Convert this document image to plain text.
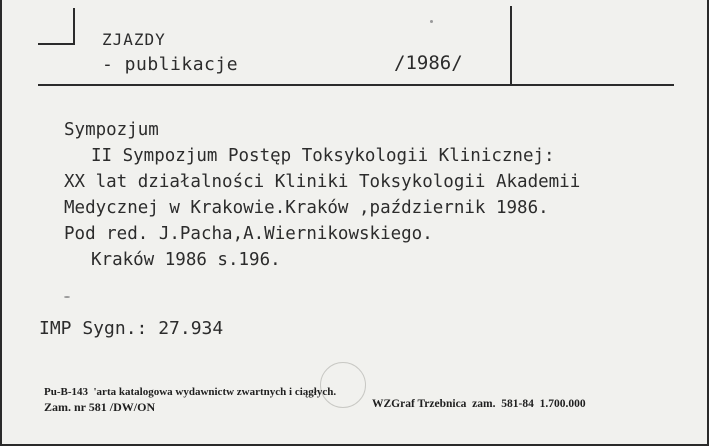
ZJAZDY
- publikacje	/1986/
Sympozjum
II Sympozjum Postęp Toksykologii Klinicznej:
XX lat działalności Kliniki Toksykologii Akademii
Medycznej w Krakowie.Kraków ,październik 1986.
Pod red. J.Pacha,A.Wiernikowskiego.
Kraków 1986 s.196.
IMP Sygn.: 27.934
Pu-B-143  'arta katalogowa wydawnictw zwartnych i ciągłych.
Zam. nr 581 /DW/ON	WZGraf Trzebnica  zam.  581-84  1.700.000
